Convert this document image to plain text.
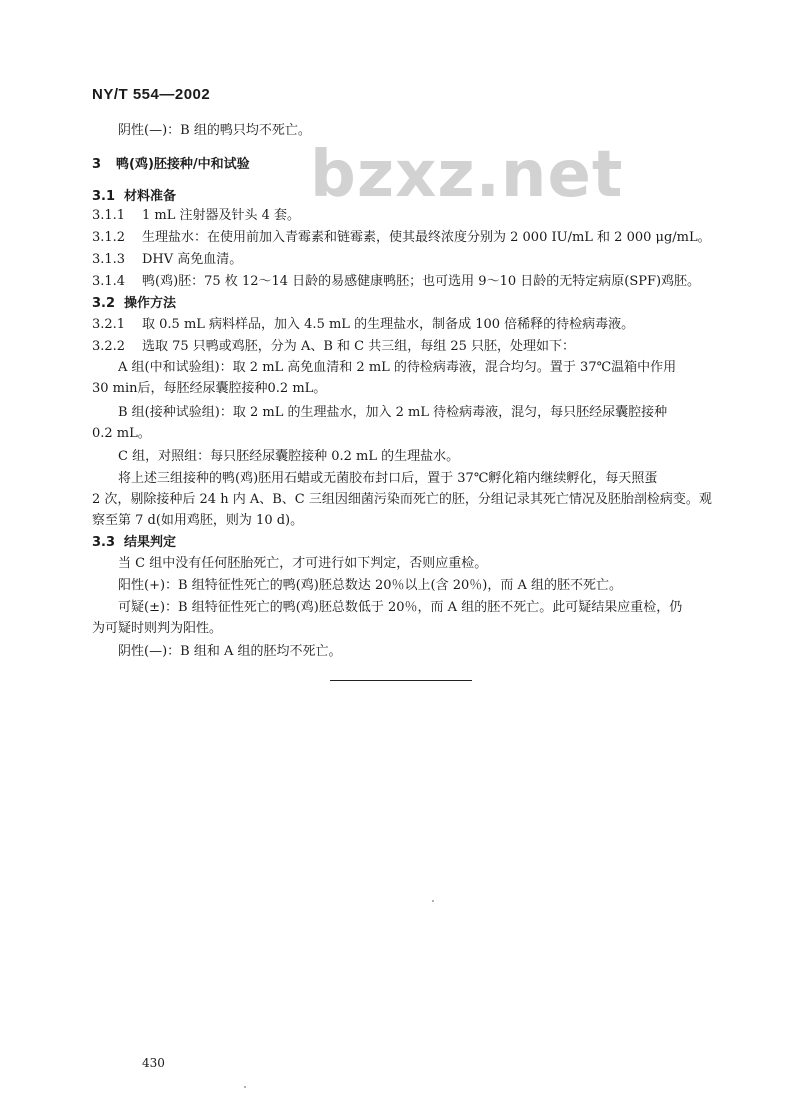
NY/T 554—2002
bzxz.net
阴性(—)：B 组的鸭只均不死亡。
3 鸭(鸡)胚接种/中和试验
3.1 材料准备
3.1.1 1 mL 注射器及针头 4 套。
3.1.2 生理盐水：在使用前加入青霉素和链霉素，使其最终浓度分别为 2 000 IU/mL 和 2 000 μg/mL。
3.1.3 DHV 高免血清。
3.1.4 鸭(鸡)胚：75 枚 12～14 日龄的易感健康鸭胚；也可选用 9～10 日龄的无特定病原(SPF)鸡胚。
3.2 操作方法
3.2.1 取 0.5 mL 病料样品，加入 4.5 mL 的生理盐水，制备成 100 倍稀释的待检病毒液。
3.2.2 选取 75 只鸭或鸡胚，分为 A、B 和 C 共三组，每组 25 只胚，处理如下：
A 组(中和试验组)：取 2 mL 高免血清和 2 mL 的待检病毒液，混合均匀。置于 37℃温箱中作用
30 min后，每胚经尿囊腔接种0.2 mL。
B 组(接种试验组)：取 2 mL 的生理盐水，加入 2 mL 待检病毒液，混匀，每只胚经尿囊腔接种
0.2 mL。
C 组，对照组：每只胚经尿囊腔接种 0.2 mL 的生理盐水。
将上述三组接种的鸭(鸡)胚用石蜡或无菌胶布封口后，置于 37℃孵化箱内继续孵化，每天照蛋
2 次，剔除接种后 24 h 内 A、B、C 三组因细菌污染而死亡的胚，分组记录其死亡情况及胚胎剖检病变。观
察至第 7 d(如用鸡胚，则为 10 d)。
3.3 结果判定
当 C 组中没有任何胚胎死亡，才可进行如下判定，否则应重检。
阳性(+)：B 组特征性死亡的鸭(鸡)胚总数达 20％以上(含 20％)，而 A 组的胚不死亡。
可疑(±)：B 组特征性死亡的鸭(鸡)胚总数低于 20％，而 A 组的胚不死亡。此可疑结果应重检，仍
为可疑时则判为阳性。
阴性(—)：B 组和 A 组的胚均不死亡。
430
